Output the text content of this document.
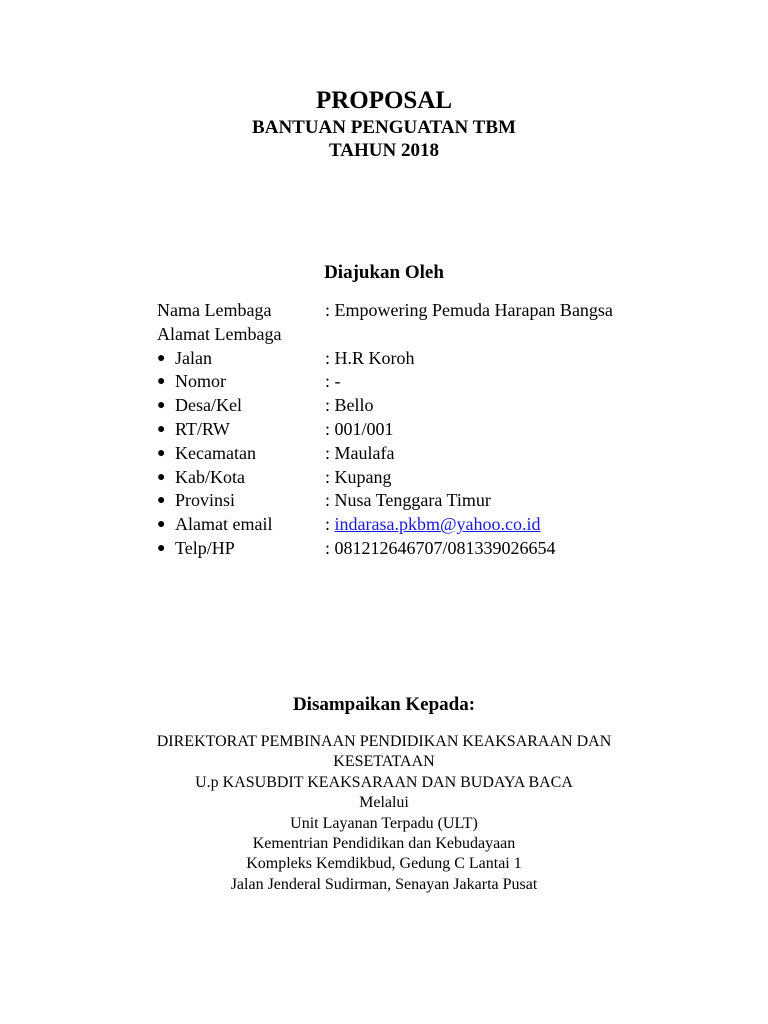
PROPOSAL
BANTUAN PENGUATAN TBM
TAHUN 2018
Diajukan Oleh
Nama Lembaga	: Empowering Pemuda Harapan Bangsa
Alamat Lembaga
● Jalan	: H.R Koroh
● Nomor	: -
● Desa/Kel	: Bello
● RT/RW	: 001/001
● Kecamatan	: Maulafa
● Kab/Kota	: Kupang
● Provinsi	: Nusa Tenggara Timur
● Alamat email	: indarasa.pkbm@yahoo.co.id
● Telp/HP	: 081212646707/081339026654
Disampaikan Kepada:
DIREKTORAT PEMBINAAN PENDIDIKAN KEAKSARAAN DAN
KESETATAAN
U.p KASUBDIT KEAKSARAAN DAN BUDAYA BACA
Melalui
Unit Layanan Terpadu (ULT)
Kementrian Pendidikan dan Kebudayaan
Kompleks Kemdikbud, Gedung C Lantai 1
Jalan Jenderal Sudirman, Senayan Jakarta Pusat
